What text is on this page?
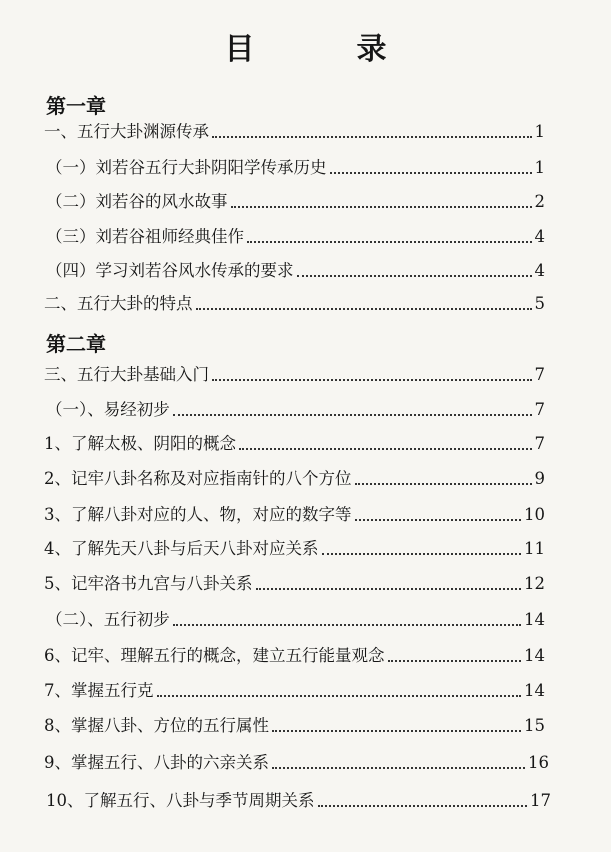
目　录
第一章
一、五行大卦渊源传承	1
（一）刘若谷五行大卦阴阳学传承历史	1
（二）刘若谷的风水故事	2
（三）刘若谷祖师经典佳作	4
（四）学习刘若谷风水传承的要求	4
二、五行大卦的特点	5
第二章
三、五行大卦基础入门	7
（一）、易经初步	7
1、了解太极、阴阳的概念	7
2、记牢八卦名称及对应指南针的八个方位	9
3、了解八卦对应的人、物，对应的数字等	10
4、了解先天八卦与后天八卦对应关系	11
5、记牢洛书九宫与八卦关系	12
（二）、五行初步	14
6、记牢、理解五行的概念，建立五行能量观念	14
7、掌握五行克	14
8、掌握八卦、方位的五行属性	15
9、掌握五行、八卦的六亲关系	16
10、了解五行、八卦与季节周期关系	17
